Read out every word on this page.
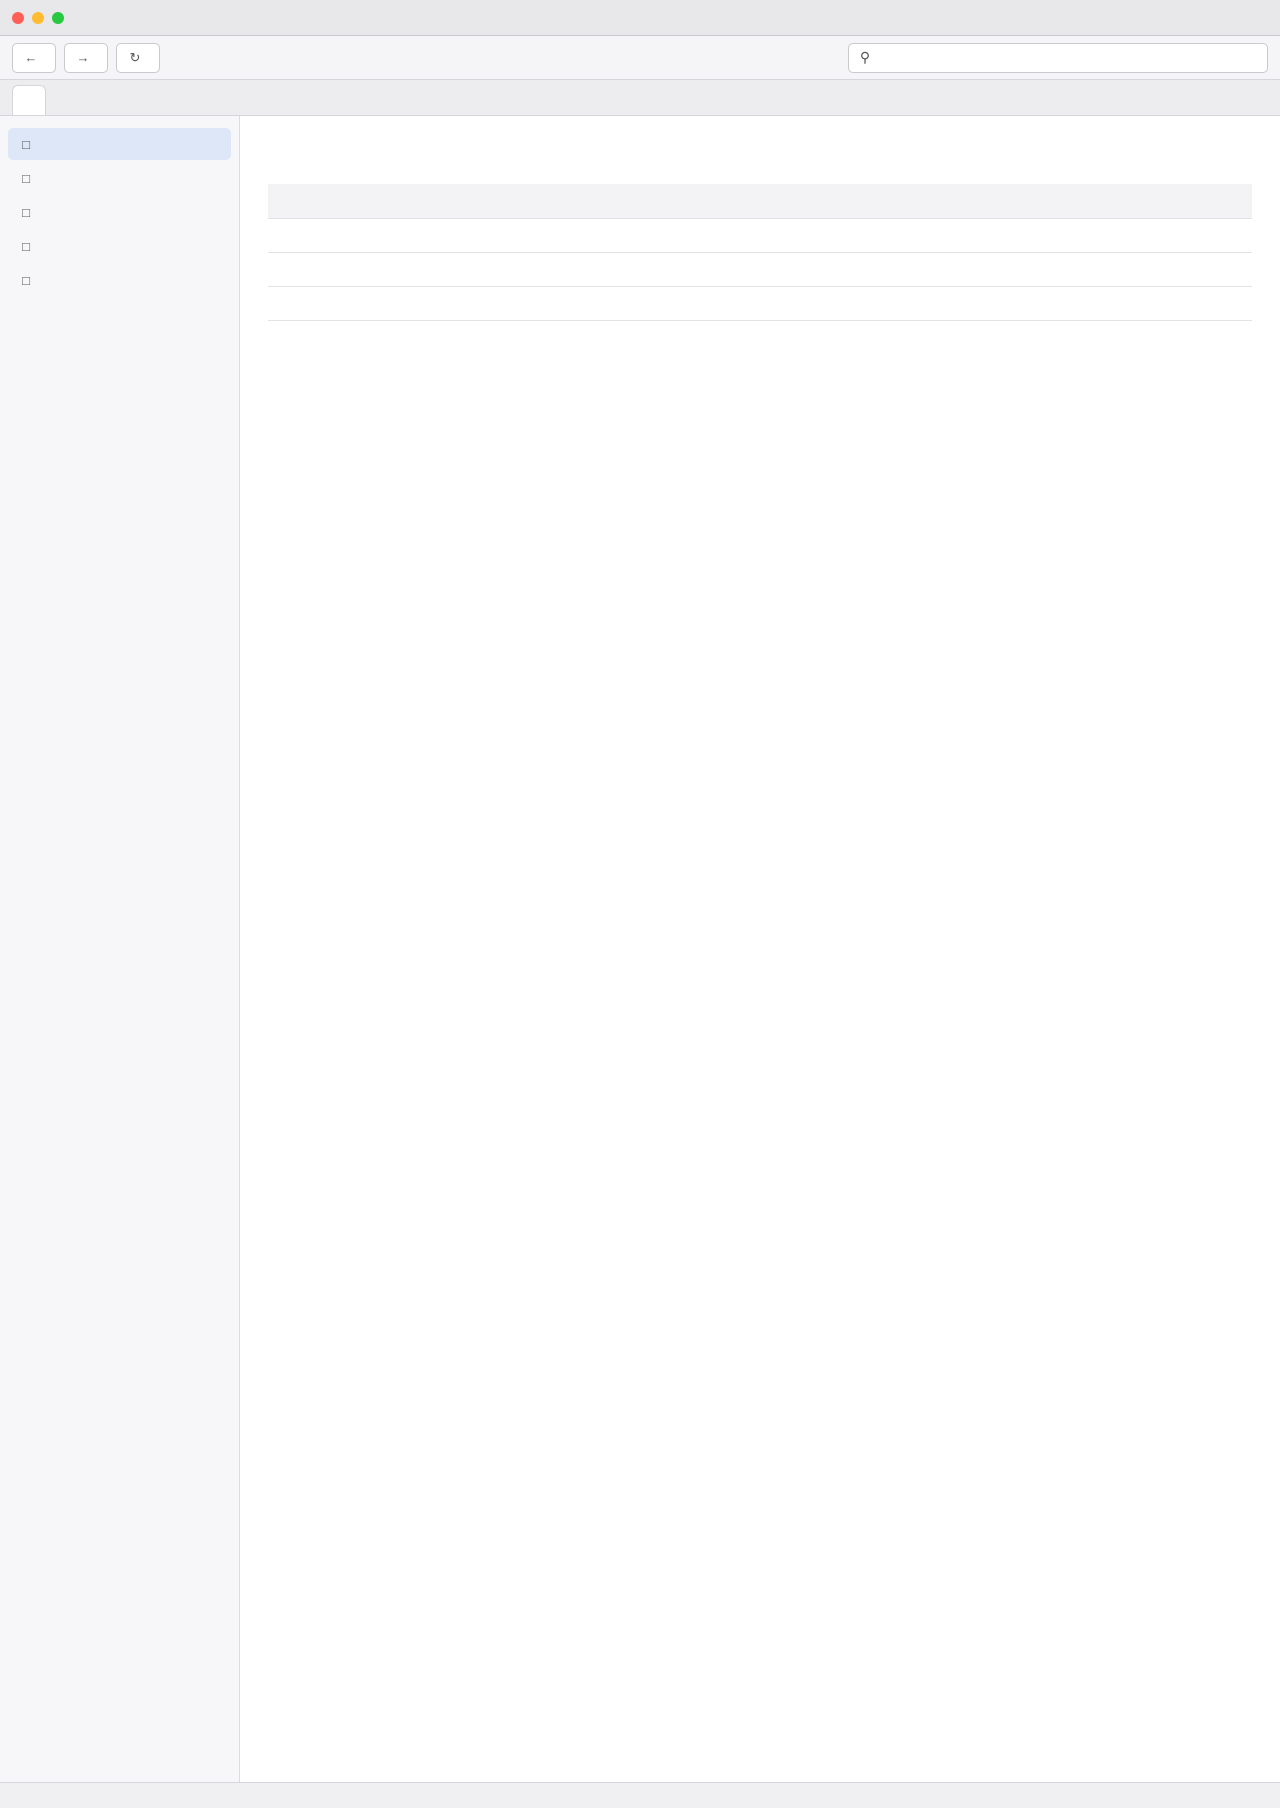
←	→	↻	⚲
□
□
□
□
□
